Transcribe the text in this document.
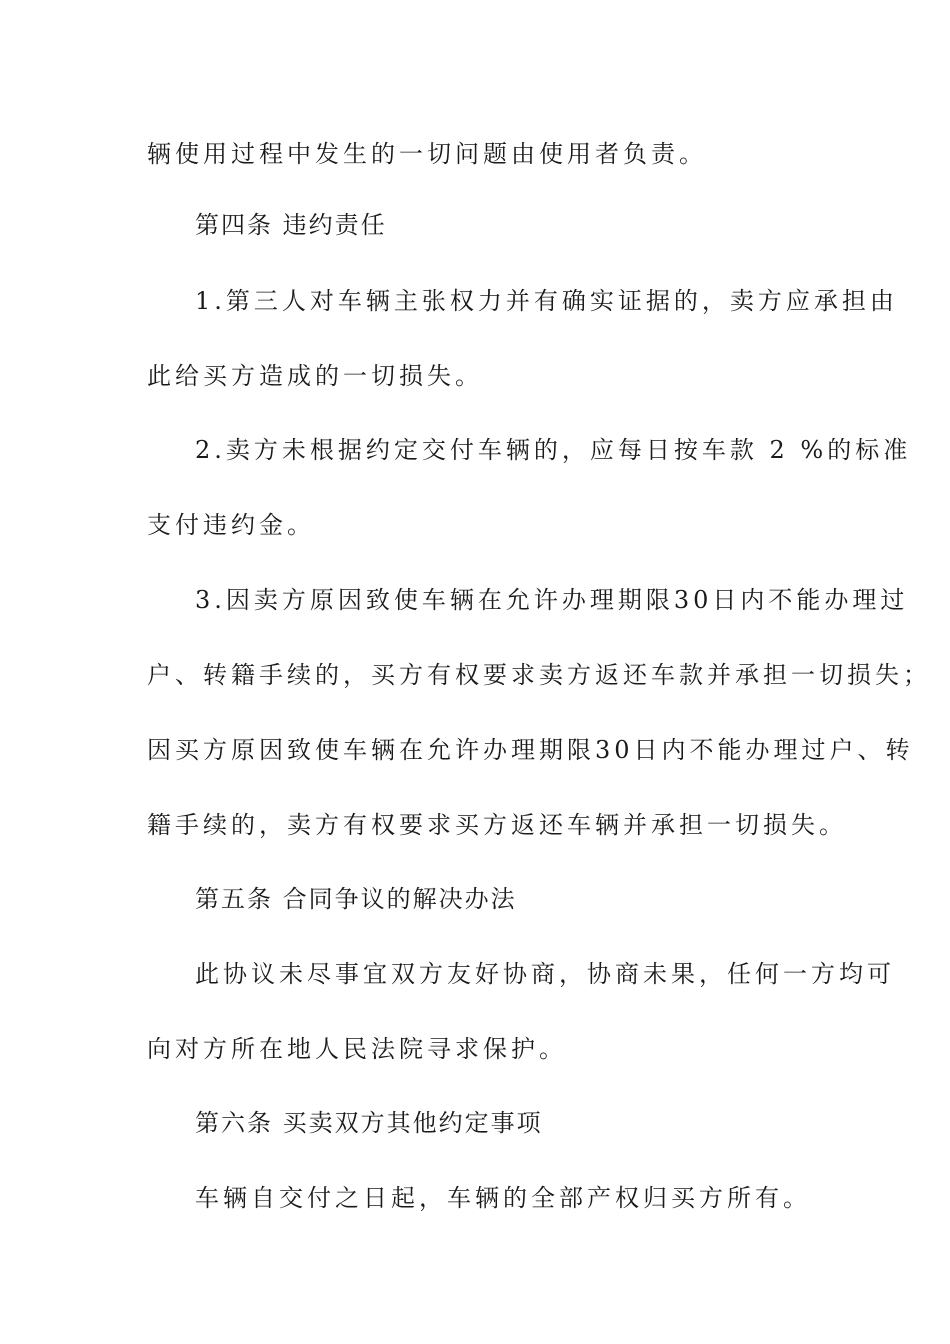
辆使用过程中发生的一切问题由使用者负责。
第四条 违约责任
1.第三人对车辆主张权力并有确实证据的，卖方应承担由
此给买方造成的一切损失。
2.卖方未根据约定交付车辆的，应每日按车款 2 %的标准
支付违约金。
3.因卖方原因致使车辆在允许办理期限30日内不能办理过
户、转籍手续的，买方有权要求卖方返还车款并承担一切损失；
因买方原因致使车辆在允许办理期限30日内不能办理过户、转
籍手续的，卖方有权要求买方返还车辆并承担一切损失。
第五条 合同争议的解决办法
此协议未尽事宜双方友好协商，协商未果，任何一方均可
向对方所在地人民法院寻求保护。
第六条 买卖双方其他约定事项
车辆自交付之日起，车辆的全部产权归买方所有。
